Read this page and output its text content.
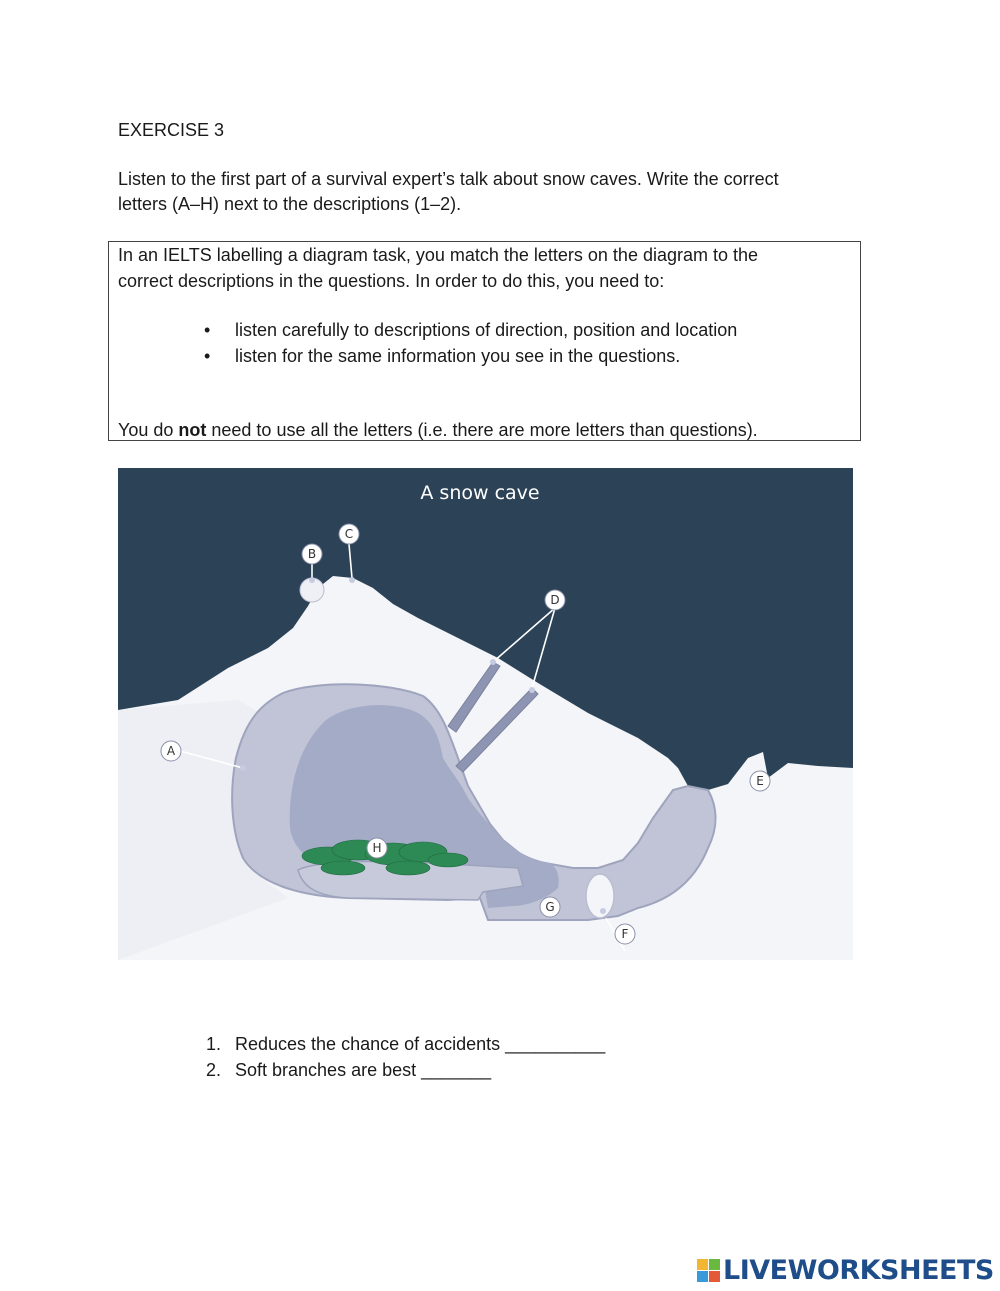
EXERCISE 3
Listen to the first part of a survival expert’s talk about snow caves. Write the correct
letters (A–H) next to the descriptions (1–2).
In an IELTS labelling a diagram task, you match the letters on the diagram to the
correct descriptions in the questions. In order to do this, you need to:
• listen carefully to descriptions of direction, position and location
• listen for the same information you see in the questions.
You do not need to use all the letters (i.e. there are more letters than questions).
A snow cave
A
B
C
D
E
F
G
H
1. Reduces the chance of accidents __________
2. Soft branches are best _______
LIVEWORKSHEETS
